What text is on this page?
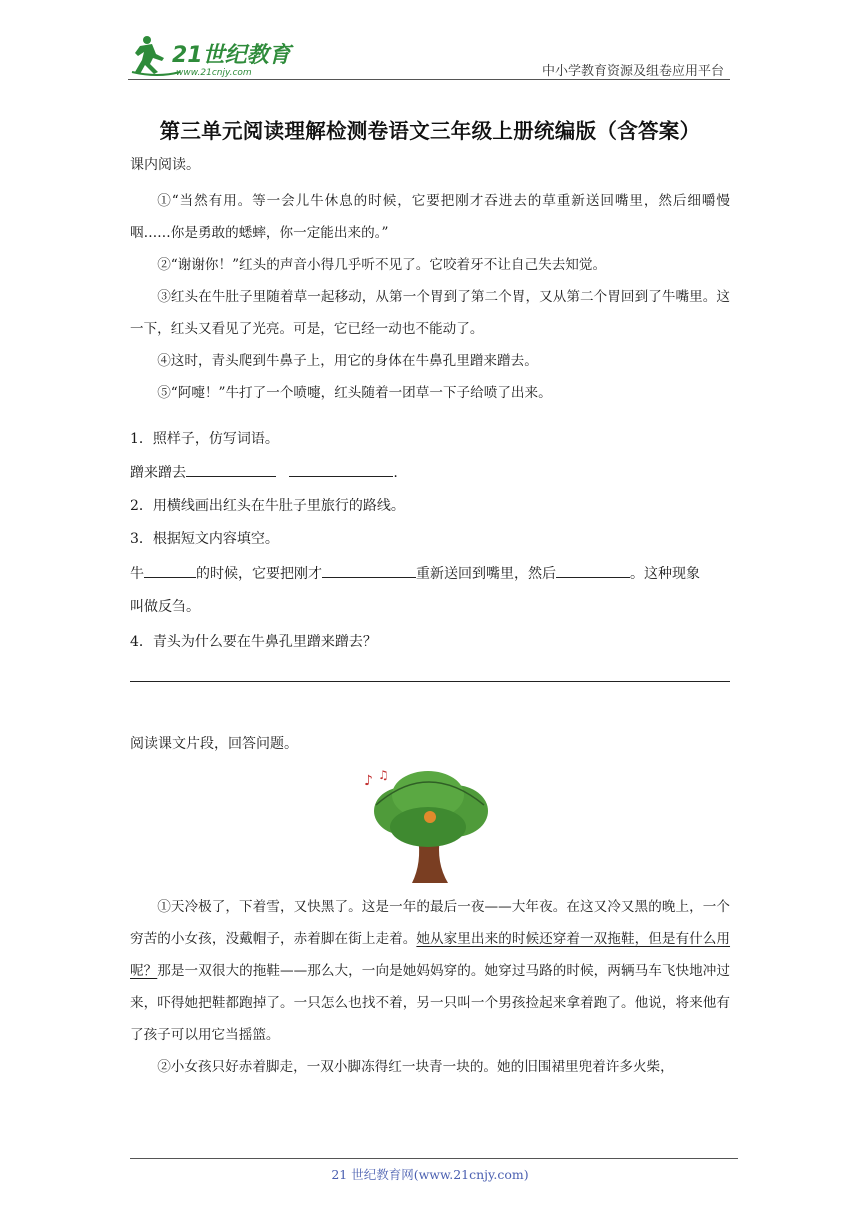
21世纪教育
www.21cnjy.com	中小学教育资源及组卷应用平台
第三单元阅读理解检测卷语文三年级上册统编版（含答案）
课内阅读。

①“当然有用。等一会儿牛休息的时候，它要把刚才吞进去的草重新送回嘴里，然后细嚼慢咽……你是勇敢的蟋蟀，你一定能出来的。”

②“谢谢你！”红头的声音小得几乎听不见了。它咬着牙不让自己失去知觉。

③红头在牛肚子里随着草一起移动，从第一个胃到了第二个胃，又从第二个胃回到了牛嘴里。这一下，红头又看见了光亮。可是，它已经一动也不能动了。

④这时，青头爬到牛鼻子上，用它的身体在牛鼻孔里蹭来蹭去。

⑤“阿嚏！”牛打了一个喷嚏，红头随着一团草一下子给喷了出来。

1．照样子，仿写词语。
蹭来蹭去	.
2．用横线画出红头在牛肚子里旅行的路线。
3．根据短文内容填空。
牛	的时候，它要把刚才	重新送回到嘴里，然后	。这种现象
叫做反刍。
4．青头为什么要在牛鼻孔里蹭来蹭去？
阅读课文片段，回答问题。
♪ ♫

①天冷极了，下着雪，又快黑了。这是一年的最后一夜——大年夜。在这又冷又黑的晚上，一个穷苦的小女孩，没戴帽子，赤着脚在街上走着。她从家里出来的时候还穿着一双拖鞋，但是有什么用呢？那是一双很大的拖鞋——那么大，一向是她妈妈穿的。她穿过马路的时候，两辆马车飞快地冲过来，吓得她把鞋都跑掉了。一只怎么也找不着，另一只叫一个男孩捡起来拿着跑了。他说，将来他有了孩子可以用它当摇篮。

②小女孩只好赤着脚走，一双小脚冻得红一块青一块的。她的旧围裙里兜着许多火柴，

21 世纪教育网(www.21cnjy.com)
